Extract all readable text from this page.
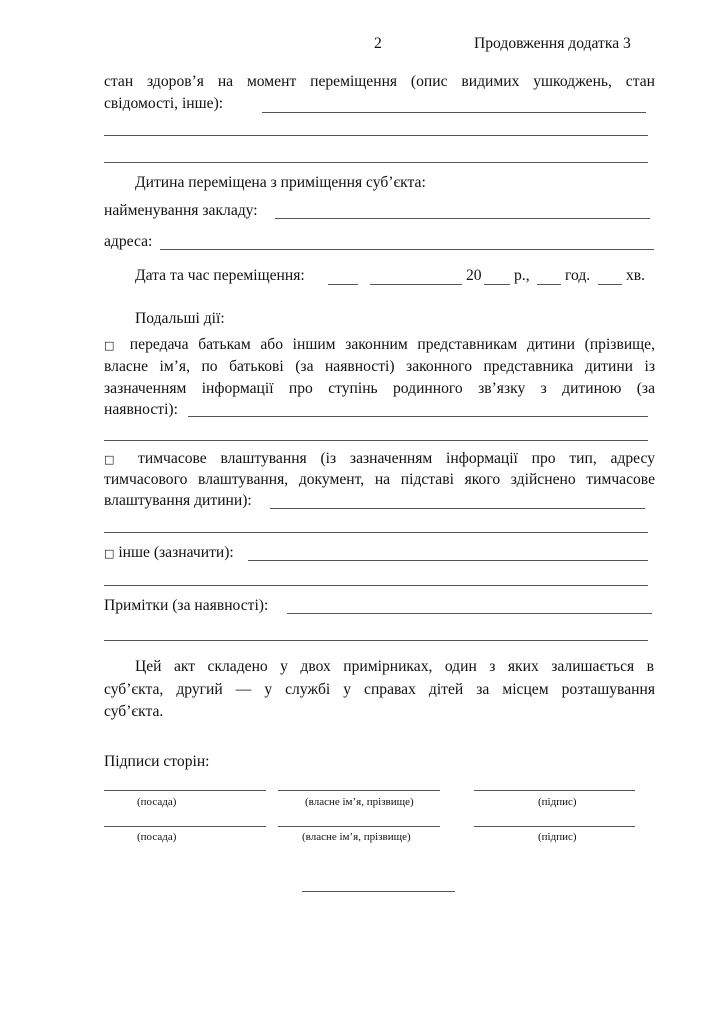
2	Продовження додатка 3
стан здоров’я на момент переміщення (опис видимих ушкоджень, стан
свідомості, інше):
Дитина переміщена з приміщення суб’єкта:
найменування закладу:
адреса:
Дата та час переміщення:	20 р., год. хв.
Подальші дії:
□ передача батькам або іншим законним представникам дитини (прізвище,
власне ім’я, по батькові (за наявності) законного представника дитини із
зазначенням інформації про ступінь родинного зв’язку з дитиною (за
наявності):
□ тимчасове влаштування (із зазначенням інформації про тип, адресу
тимчасового влаштування, документ, на підставі якого здійснено тимчасове
влаштування дитини):
□ інше (зазначити):
Примітки (за наявності):
Цей акт складено у двох примірниках, один з яких залишається в
суб’єкта, другий — у службі у справах дітей за місцем розташування
суб’єкта.
Підписи сторін:
(посада)	(власне ім’я, прізвище)	(підпис)
(посада)	(власне ім’я, прізвище)	(підпис)
